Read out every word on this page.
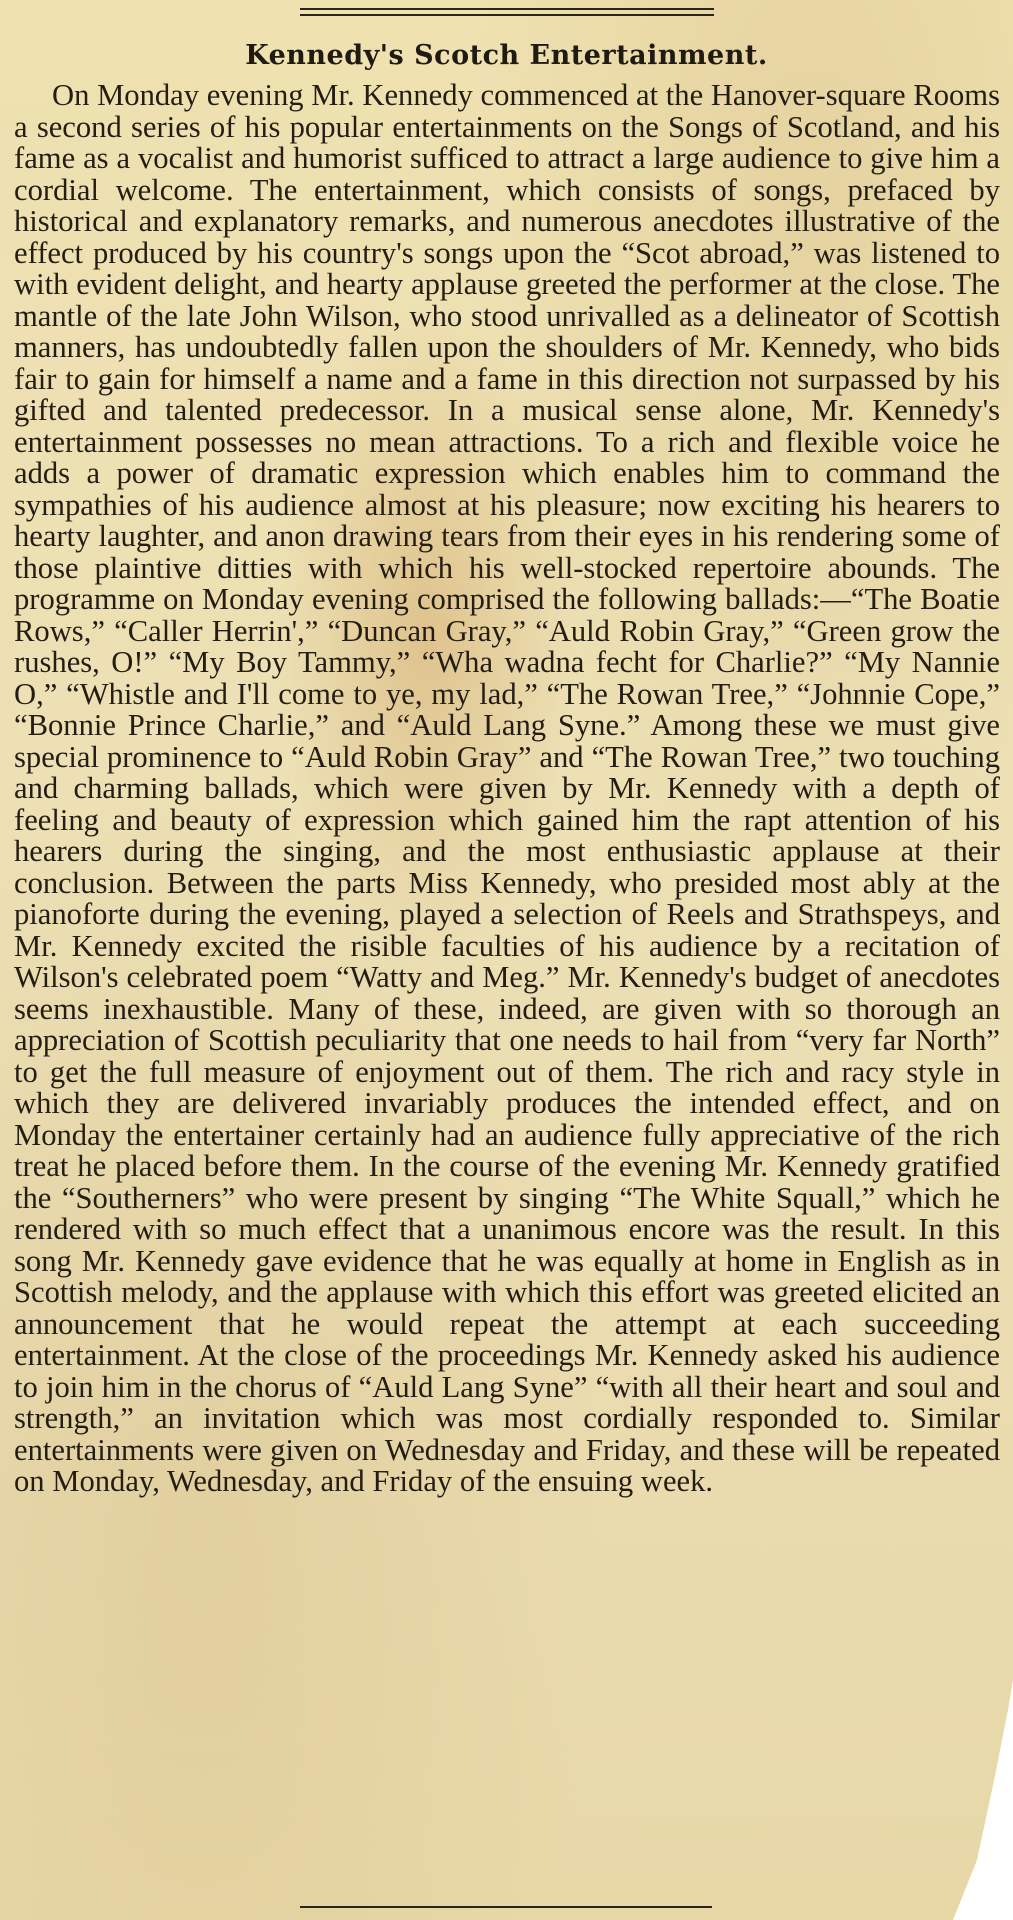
Kennedy's Scotch Entertainment.

On Monday evening Mr. Kennedy commenced at the Hanover-square Rooms a second series of his popular entertainments on the Songs of Scotland, and his fame as a vocalist and humorist sufficed to attract a large audience to give him a cordial welcome. The entertainment, which consists of songs, prefaced by historical and explanatory remarks, and numerous anecdotes illustrative of the effect produced by his country's songs upon the “Scot abroad,” was listened to with evident delight, and hearty applause greeted the performer at the close. The mantle of the late John Wilson, who stood unrivalled as a delineator of Scottish manners, has undoubtedly fallen upon the shoulders of Mr. Kennedy, who bids fair to gain for himself a name and a fame in this direction not surpassed by his gifted and talented predecessor. In a musical sense alone, Mr. Kennedy's entertainment possesses no mean attractions. To a rich and flexible voice he adds a power of dramatic expression which enables him to command the sympathies of his audience almost at his pleasure; now exciting his hearers to hearty laughter, and anon drawing tears from their eyes in his rendering some of those plaintive ditties with which his well-stocked repertoire abounds. The programme on Monday evening comprised the following ballads:—“The Boatie Rows,” “Caller Herrin',” “Duncan Gray,” “Auld Robin Gray,” “Green grow the rushes, O!” “My Boy Tammy,” “Wha wadna fecht for Charlie?” “My Nannie O,” “Whistle and I'll come to ye, my lad,” “The Rowan Tree,” “Johnnie Cope,” “Bonnie Prince Charlie,” and “Auld Lang Syne.” Among these we must give special prominence to “Auld Robin Gray” and “The Rowan Tree,” two touching and charming ballads, which were given by Mr. Kennedy with a depth of feeling and beauty of expression which gained him the rapt attention of his hearers during the singing, and the most enthusiastic applause at their conclusion. Between the parts Miss Kennedy, who presided most ably at the pianoforte during the evening, played a selection of Reels and Strathspeys, and Mr. Kennedy excited the risible faculties of his audience by a recitation of Wilson's celebrated poem “Watty and Meg.” Mr. Kennedy's budget of anecdotes seems inexhaustible. Many of these, indeed, are given with so thorough an appreciation of Scottish peculiarity that one needs to hail from “very far North” to get the full measure of enjoyment out of them. The rich and racy style in which they are delivered invariably produces the intended effect, and on Monday the entertainer certainly had an audience fully appreciative of the rich treat he placed before them. In the course of the evening Mr. Kennedy gratified the “Southerners” who were present by singing “The White Squall,” which he rendered with so much effect that a unanimous encore was the result. In this song Mr. Kennedy gave evidence that he was equally at home in English as in Scottish melody, and the applause with which this effort was greeted elicited an announcement that he would repeat the attempt at each succeeding entertainment. At the close of the proceedings Mr. Kennedy asked his audience to join him in the chorus of “Auld Lang Syne” “with all their heart and soul and strength,” an invitation which was most cordially responded to. Similar entertainments were given on Wednesday and Friday, and these will be repeated on Monday, Wednesday, and Friday of the ensuing week.
